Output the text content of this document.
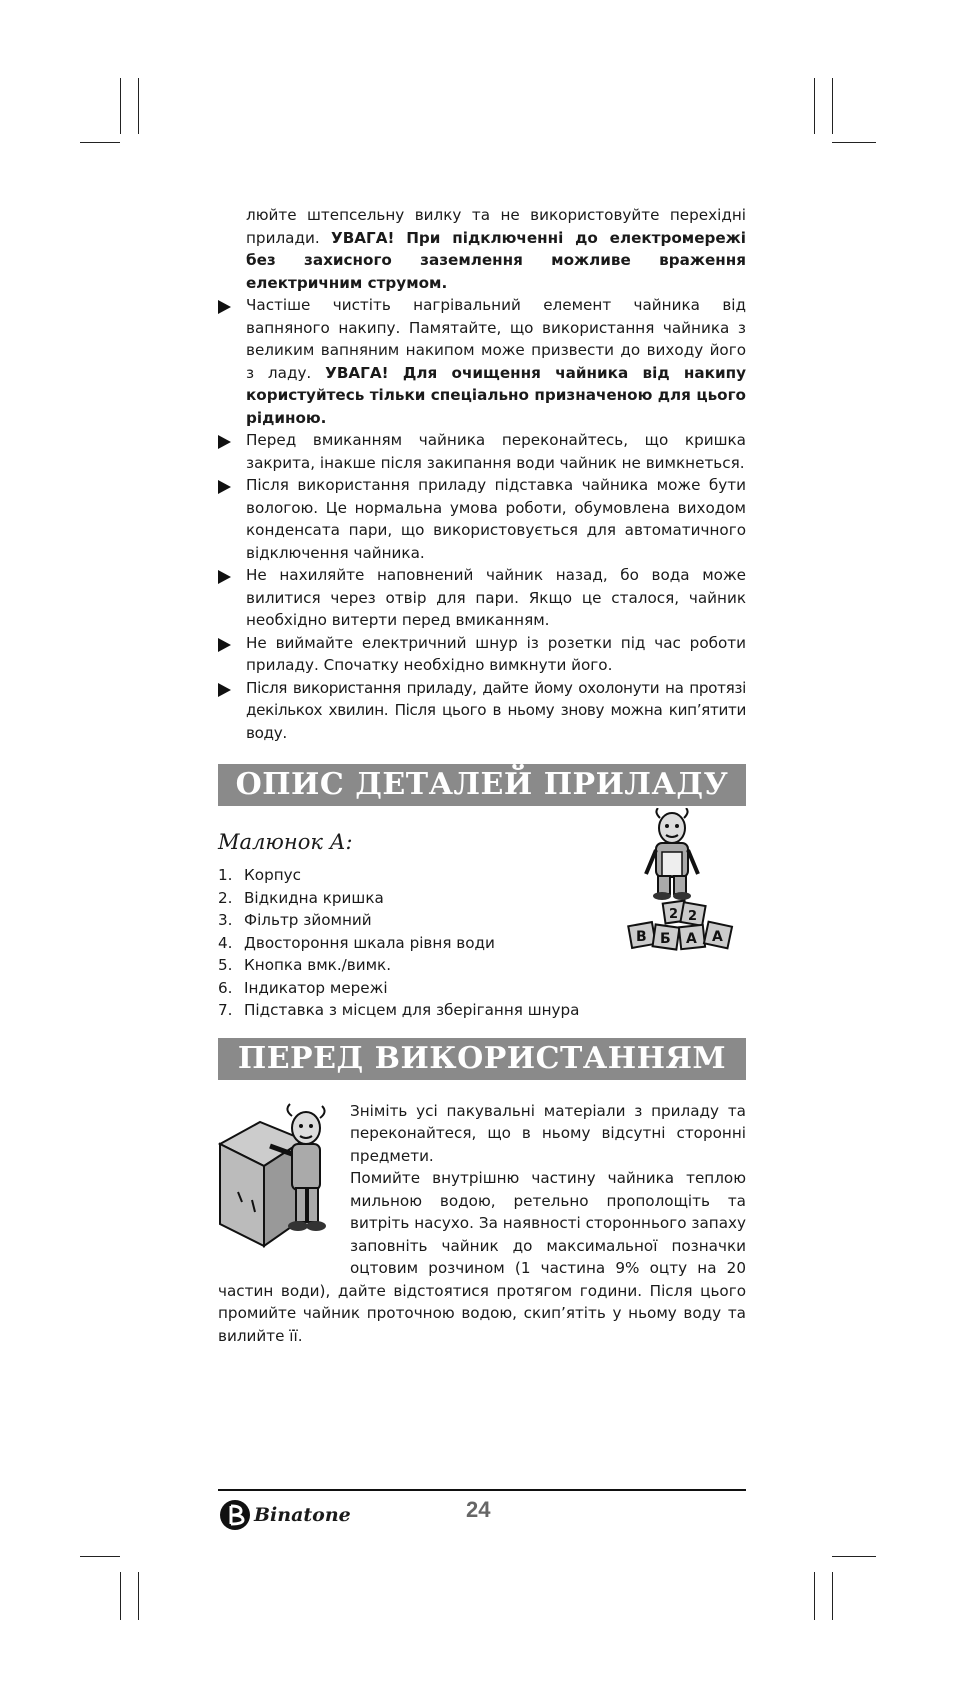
люйте штепсельну вилку та не використовуйте перехідні прилади. УВАГА! При підключенні до електромережі без захисного заземлення можливе враження електричним струмом.

Частіше чистіть нагрівальний елемент чайника від вапняного накипу. Памятайте, що використання чайника з великим вапняним накипом може призвести до виходу його з ладу. УВАГА! Для очищення чайника від накипу користуйтесь тільки спеціально призначеною для цього рідиною.
Перед вмиканням чайника переконайтесь, що кришка закрита, інакше після закипання води чайник не вимкнеться.
Після використання приладу підставка чайника може бути вологою. Це нормальна умова роботи, обумовлена виходом конденсата пари, що використовується для автоматичного відключення чайника.
Не нахиляйте наповнений чайник назад, бо вода може вилитися через отвір для пари. Якщо це сталося, чайник необхідно витерти перед вмиканням.
Не виймайте електричний шнур із розетки під час роботи приладу. Спочатку необхідно вимкнути його.
Після використання приладу, дайте йому охолонути на протязі декількох хвилин. Після цього в ньому знову можна кип’ятити воду.
ОПИС ДЕТАЛЕЙ ПРИЛАДУ
Малюнок А:
1. Корпус
2. Відкидна кришка
3. Фільтр зйомний
4. Двостороння шкала рівня води
5. Кнопка вмк./вимк.
6. Індикатор мережі
7. Підставка з місцем для зберігання шнура
2 2
В Б А А
ПЕРЕД ВИКОРИСТАННЯМ

Зніміть усі пакувальні матеріали з приладу та переконайтеся, що в ньому відсутні сторонні предмети.

Помийте внутрішню частину чайника теплою мильною водою, ретельно прополощіть та витріть насухо. За наявності стороннього запаху заповніть чайник до максимальної позначки оцтовим розчином (1 частина 9% оцту на 20 частин води), дайте відстоятися протягом години. Після цього промийте чайник проточною водою, скип’ятіть у ньому воду та вилийте її.

Binatone	24
